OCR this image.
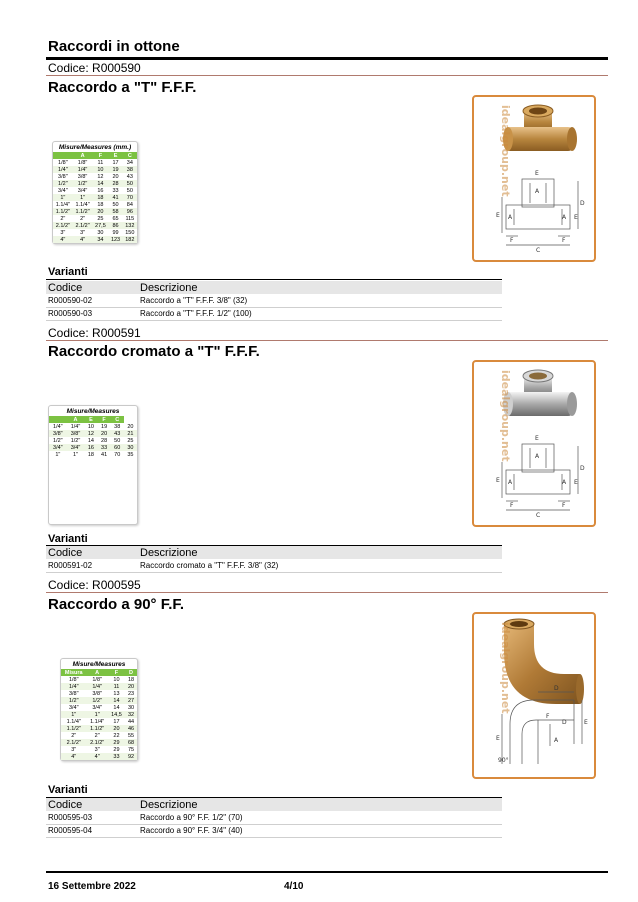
Raccordi in ottone
Codice: R000590
Raccordo a "T" F.F.F.
Misure/Measures (mm.)
	A	F	E	C
1/8"	1/8"	11	17	34
1/4"	1/4"	10	19	38
3/8"	3/8"	12	20	43
1/2"	1/2"	14	28	50
3/4"	3/4"	16	33	50
1"	1"	18	41	70
1.1/4"	1.1/4"	18	50	84
1.1/2"	1.1/2"	20	58	96
2"	2"	25	65	115
2.1/2"	2.1/2"	27,5	86	132
3"	3"	30	99	150
4"	4"	34	123	182
E
A
E A	A E
D
C
F	F
idealgroup.net
Varianti
Codice	Descrizione
R000590-02	Raccordo a "T" F.F.F. 3/8" (32)
R000590-03	Raccordo a "T" F.F.F. 1/2" (100)
Codice: R000591
Raccordo cromato a "T" F.F.F.
Misure/Measures
	A	E	F	C	
1/4"	1/4"	10	19	38	20
3/8"	3/8"	12	20	43	21
1/2"	1/2"	14	28	50	25
3/4"	3/4"	16	33	60	30
1"	1"	18	41	70	35
E
A
E A	A E
D
C
F	F
idealgroup.net
Varianti
Codice	Descrizione
R000591-02	Raccordo cromato a "T" F.F.F. 3/8" (32)
Codice: R000595
Raccordo a 90° F.F.
Misure/Measures
Misura	A	F	D
1/8"	1/8"	10	18
1/4"	1/4"	11	20
3/8"	3/8"	13	23
1/2"	1/2"	14	27
3/4"	3/4"	14	30
1"	1"	14,5	32
1.1/4"	1.1/4"	17	44
1.1/2"	1.1/2"	20	46
2"	2"	22	55
2.1/2"	2.1/2"	29	68
3"	3"	29	75
4"	4"	33	92
D
F
D
A
E
E
90°
idealgroup.net
Varianti
Codice	Descrizione
R000595-03	Raccordo a 90° F.F. 1/2" (70)
R000595-04	Raccordo a 90° F.F. 3/4" (40)
16 Settembre 2022	4/10
